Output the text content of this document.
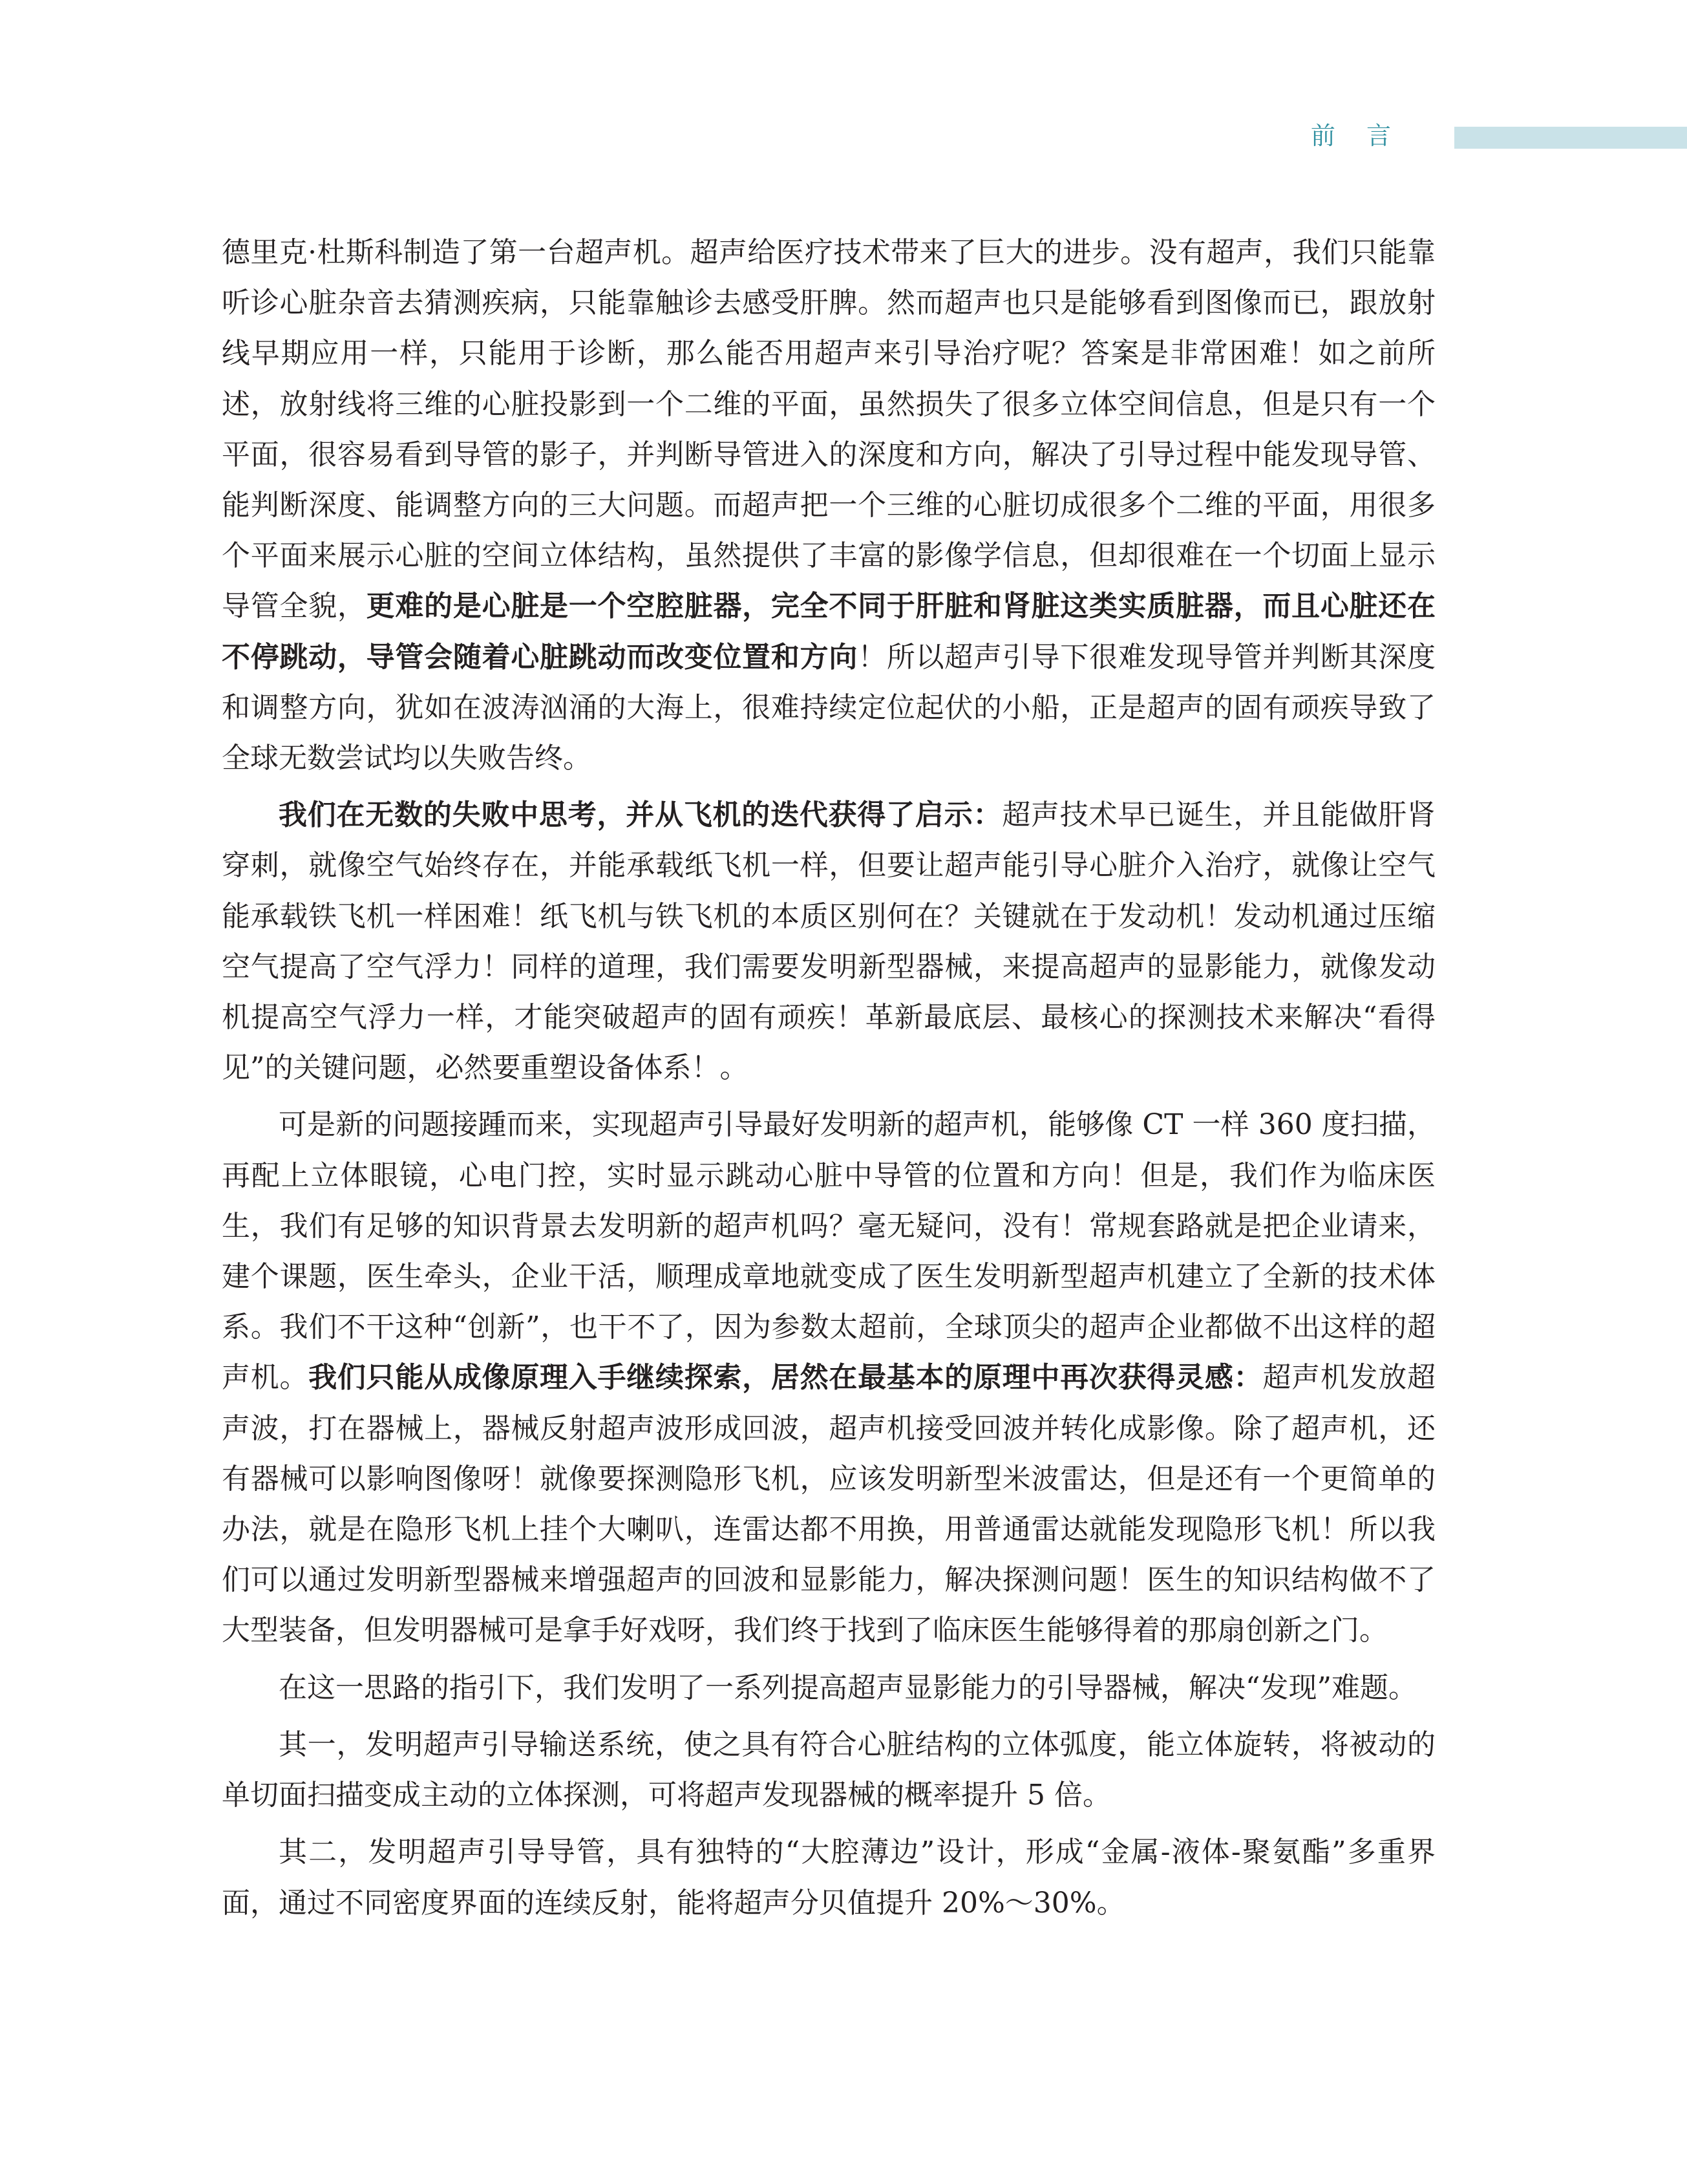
前 言

德里克·杜斯科制造了第一台超声机。超声给医疗技术带来了巨大的进步。没有超声，我们只能靠听诊心脏杂音去猜测疾病，只能靠触诊去感受肝脾。然而超声也只是能够看到图像而已，跟放射线早期应用一样，只能用于诊断，那么能否用超声来引导治疗呢？答案是非常困难！如之前所述，放射线将三维的心脏投影到一个二维的平面，虽然损失了很多立体空间信息，但是只有一个平面，很容易看到导管的影子，并判断导管进入的深度和方向，解决了引导过程中能发现导管、能判断深度、能调整方向的三大问题。而超声把一个三维的心脏切成很多个二维的平面，用很多个平面来展示心脏的空间立体结构，虽然提供了丰富的影像学信息，但却很难在一个切面上显示导管全貌，更难的是心脏是一个空腔脏器，完全不同于肝脏和肾脏这类实质脏器，而且心脏还在不停跳动，导管会随着心脏跳动而改变位置和方向！所以超声引导下很难发现导管并判断其深度和调整方向，犹如在波涛汹涌的大海上，很难持续定位起伏的小船，正是超声的固有顽疾导致了全球无数尝试均以失败告终。

我们在无数的失败中思考，并从飞机的迭代获得了启示：超声技术早已诞生，并且能做肝肾穿刺，就像空气始终存在，并能承载纸飞机一样，但要让超声能引导心脏介入治疗，就像让空气能承载铁飞机一样困难！纸飞机与铁飞机的本质区别何在？关键就在于发动机！发动机通过压缩空气提高了空气浮力！同样的道理，我们需要发明新型器械，来提高超声的显影能力，就像发动机提高空气浮力一样，才能突破超声的固有顽疾！革新最底层、最核心的探测技术来解决“看得见”的关键问题，必然要重塑设备体系！。

可是新的问题接踵而来，实现超声引导最好发明新的超声机，能够像 CT 一样 360 度扫描，再配上立体眼镜，心电门控，实时显示跳动心脏中导管的位置和方向！但是，我们作为临床医生，我们有足够的知识背景去发明新的超声机吗？毫无疑问，没有！常规套路就是把企业请来，建个课题，医生牵头，企业干活，顺理成章地就变成了医生发明新型超声机建立了全新的技术体系。我们不干这种“创新”，也干不了，因为参数太超前，全球顶尖的超声企业都做不出这样的超声机。我们只能从成像原理入手继续探索，居然在最基本的原理中再次获得灵感：超声机发放超声波，打在器械上，器械反射超声波形成回波，超声机接受回波并转化成影像。除了超声机，还有器械可以影响图像呀！就像要探测隐形飞机，应该发明新型米波雷达，但是还有一个更简单的办法，就是在隐形飞机上挂个大喇叭，连雷达都不用换，用普通雷达就能发现隐形飞机！所以我们可以通过发明新型器械来增强超声的回波和显影能力，解决探测问题！医生的知识结构做不了大型装备，但发明器械可是拿手好戏呀，我们终于找到了临床医生能够得着的那扇创新之门。

在这一思路的指引下，我们发明了一系列提高超声显影能力的引导器械，解决“发现”难题。

其一，发明超声引导输送系统，使之具有符合心脏结构的立体弧度，能立体旋转，将被动的单切面扫描变成主动的立体探测，可将超声发现器械的概率提升 5 倍。

其二，发明超声引导导管，具有独特的“大腔薄边”设计，形成“金属-液体-聚氨酯”多重界面，通过不同密度界面的连续反射，能将超声分贝值提升 20%～30%。
